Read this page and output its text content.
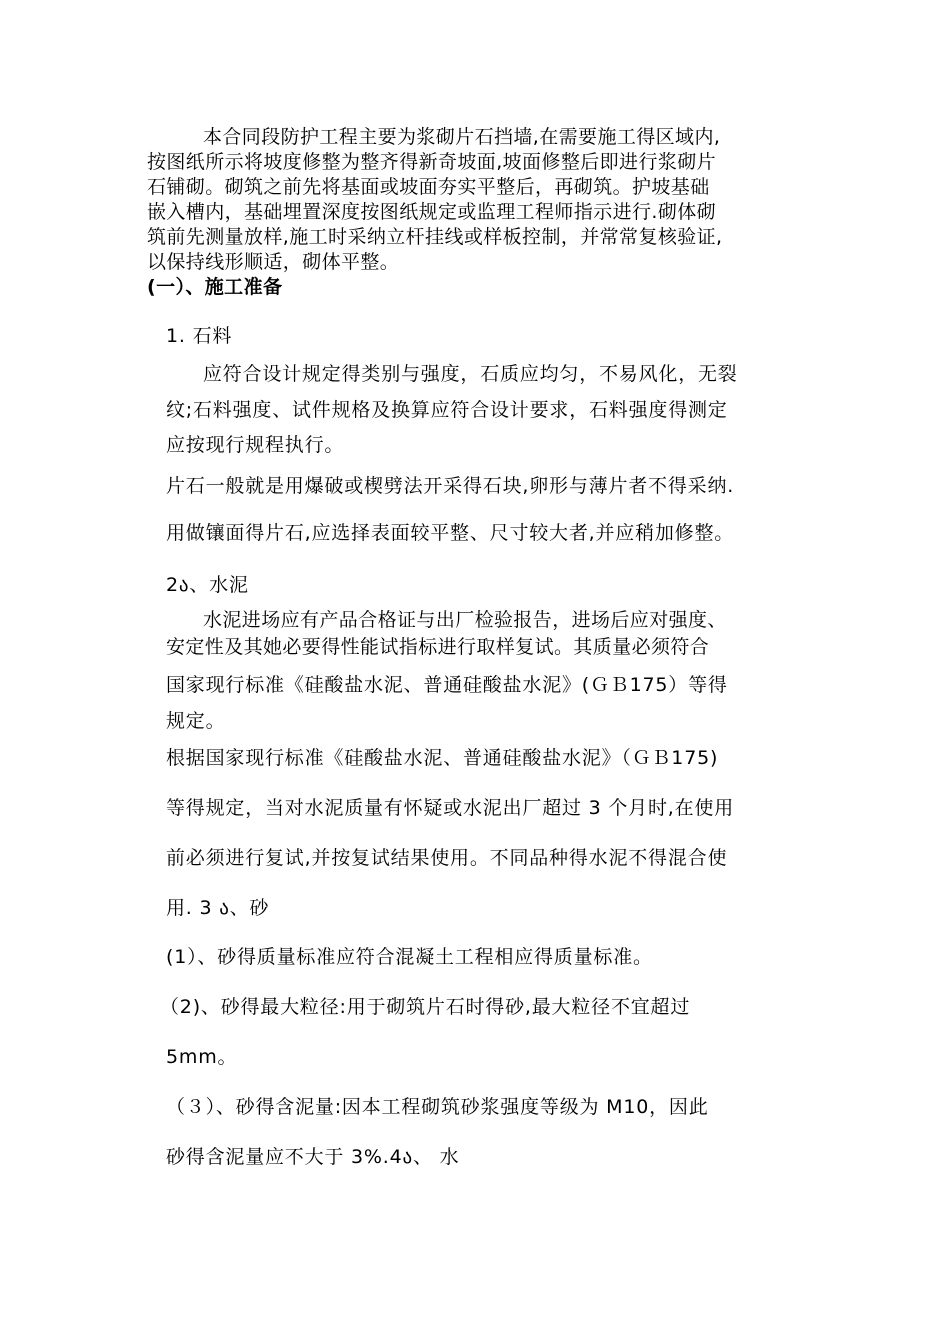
本合同段防护工程主要为浆砌片石挡墙,在需要施工得区域内,
按图纸所示将坡度修整为整齐得新奇坡面,坡面修整后即进行浆砌片
石铺砌。砌筑之前先将基面或坡面夯实平整后，再砌筑。护坡基础
嵌入槽内，基础埋置深度按图纸规定或监理工程师指示进行.砌体砌
筑前先测量放样,施工时采纳立杆挂线或样板控制，并常常复核验证,
以保持线形顺适，砌体平整。
(一）、施工准备
1. 石料
应符合设计规定得类别与强度，石质应均匀，不易风化，无裂
纹;石料强度、试件规格及换算应符合设计要求，石料强度得测定
应按现行规程执行。
片石一般就是用爆破或楔劈法开采得石块,卵形与薄片者不得采纳.
用做镶面得片石,应选择表面较平整、尺寸较大者,并应稍加修整。
2ა、水泥
水泥进场应有产品合格证与出厂检验报告，进场后应对强度、
安定性及其她必要得性能试指标进行取样复试。其质量必须符合
国家现行标准《硅酸盐水泥、普通硅酸盐水泥》(ＧＢ175）等得
规定。
根据国家现行标准《硅酸盐水泥、普通硅酸盐水泥》（ＧＢ175)
等得规定，当对水泥质量有怀疑或水泥出厂超过 3 个月时,在使用
前必须进行复试,并按复试结果使用。不同品种得水泥不得混合使
用. 3 ა、砂
(1）、砂得质量标准应符合混凝土工程相应得质量标准。
（2)、砂得最大粒径:用于砌筑片石时得砂,最大粒径不宜超过
5mm。
（３）、砂得含泥量:因本工程砌筑砂浆强度等级为 M10，因此
砂得含泥量应不大于 3%.4ა、 水
